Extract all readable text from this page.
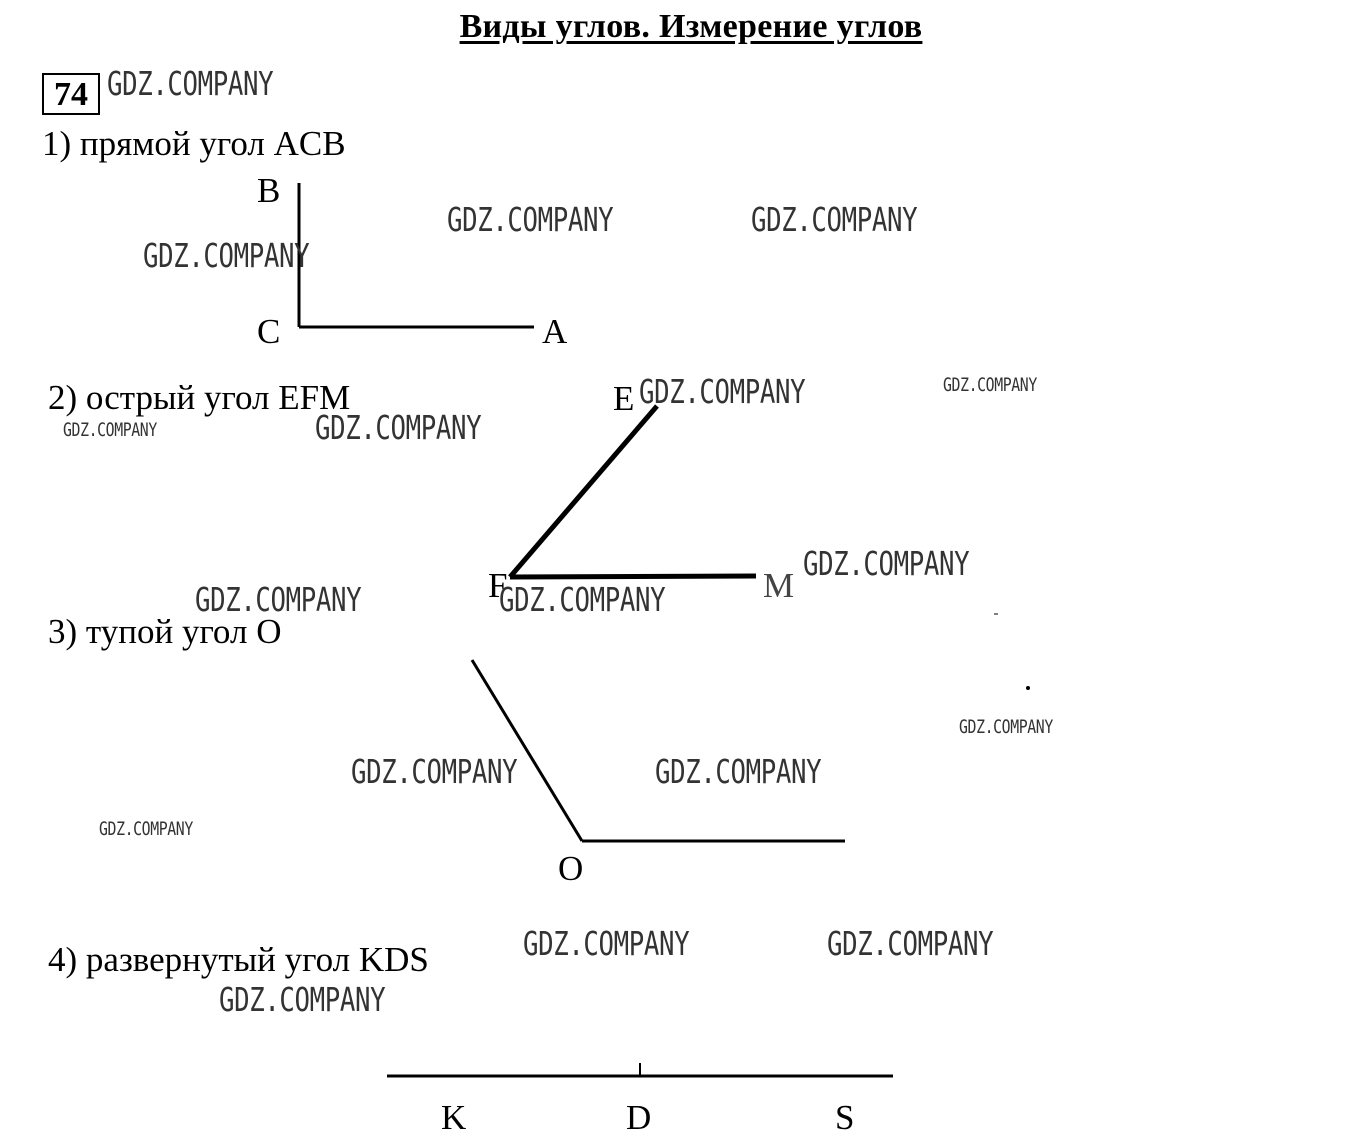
Виды углов. Измерение углов
74
1) прямой угол ACB
2) острый угол EFM
3) тупой угол O
4) развернутый угол KDS
B
C	A
E
F	M
O
K	D	S
GDZ.COMPANY
GDZ.COMPANY	GDZ.COMPANY
GDZ.COMPANY
GDZ.COMPANY	GDZ.COMPANY
GDZ.COMPANY	GDZ.COMPANY
GDZ.COMPANY
GDZ.COMPANY	GDZ.COMPANY
GDZ.COMPANY
GDZ.COMPANY	GDZ.COMPANY
GDZ.COMPANY
GDZ.COMPANY	GDZ.COMPANY
GDZ.COMPANY
